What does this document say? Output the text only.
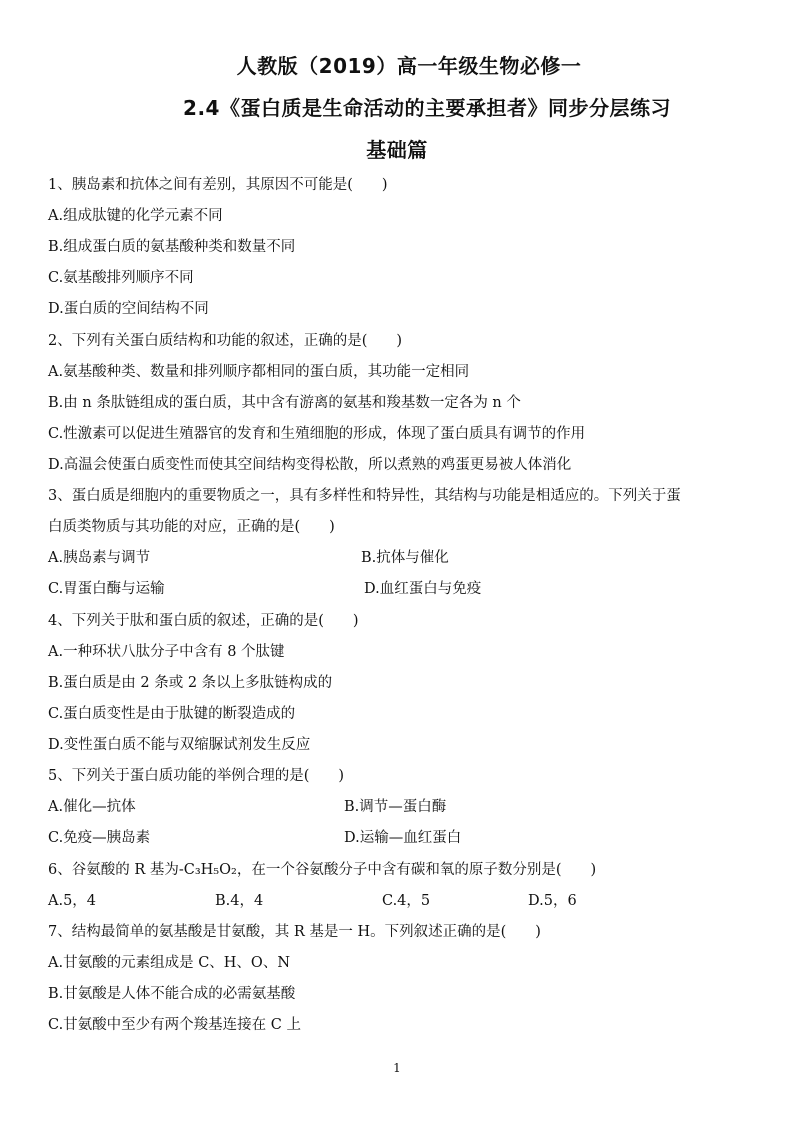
人教版（2019）高一年级生物必修一
2.4《蛋白质是生命活动的主要承担者》同步分层练习
基础篇
1、胰岛素和抗体之间有差别，其原因不可能是(　　)
A.组成肽键的化学元素不同
B.组成蛋白质的氨基酸种类和数量不同
C.氨基酸排列顺序不同
D.蛋白质的空间结构不同
2、下列有关蛋白质结构和功能的叙述，正确的是(　　)
A.氨基酸种类、数量和排列顺序都相同的蛋白质，其功能一定相同
B.由 n 条肽链组成的蛋白质，其中含有游离的氨基和羧基数一定各为 n 个
C.性激素可以促进生殖器官的发育和生殖细胞的形成，体现了蛋白质具有调节的作用
D.高温会使蛋白质变性而使其空间结构变得松散，所以煮熟的鸡蛋更易被人体消化
3、蛋白质是细胞内的重要物质之一，具有多样性和特异性，其结构与功能是相适应的。下列关于蛋
白质类物质与其功能的对应，正确的是(　　)
A.胰岛素与调节	B.抗体与催化
C.胃蛋白酶与运输	D.血红蛋白与免疫
4、下列关于肽和蛋白质的叙述，正确的是(　　)
A.一种环状八肽分子中含有 8 个肽键
B.蛋白质是由 2 条或 2 条以上多肽链构成的
C.蛋白质变性是由于肽键的断裂造成的
D.变性蛋白质不能与双缩脲试剂发生反应
5、下列关于蛋白质功能的举例合理的是(　　)
A.催化—抗体	B.调节—蛋白酶
C.免疫—胰岛素	D.运输—血红蛋白
6、谷氨酸的 R 基为-C₃H₅O₂，在一个谷氨酸分子中含有碳和氧的原子数分别是(　　)
A.5，4	B.4，4	C.4，5	D.5，6
7、结构最简单的氨基酸是甘氨酸，其 R 基是一 H。下列叙述正确的是(　　)
A.甘氨酸的元素组成是 C、H、O、N
B.甘氨酸是人体不能合成的必需氨基酸
C.甘氨酸中至少有两个羧基连接在 C 上
1
